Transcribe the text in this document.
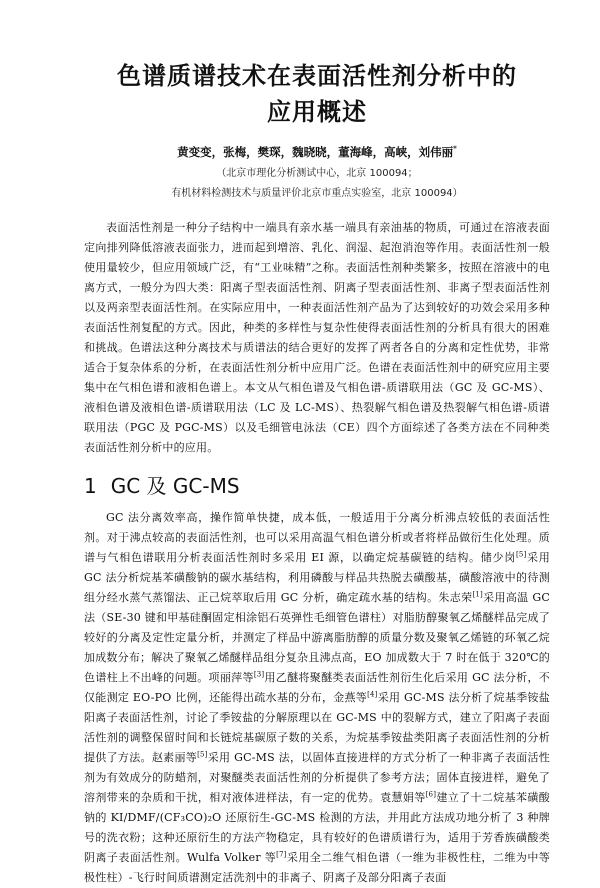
色谱质谱技术在表面活性剂分析中的
应用概述
黄变变，张梅，樊琛，魏晓晓，董海峰，高峡，刘伟丽*
（北京市理化分析测试中心，北京 100094；
有机材料检测技术与质量评价北京市重点实验室，北京 100094）

表面活性剂是一种分子结构中一端具有亲水基一端具有亲油基的物质，可通过在溶液表面定向排列降低溶液表面张力，进而起到增溶、乳化、润湿、起泡消泡等作用。表面活性剂一般使用量较少，但应用领域广泛，有“工业味精”之称。表面活性剂种类繁多，按照在溶液中的电离方式，一般分为四大类：阳离子型表面活性剂、阴离子型表面活性剂、非离子型表面活性剂以及两亲型表面活性剂。在实际应用中，一种表面活性剂产品为了达到较好的功效会采用多种表面活性剂复配的方式。因此，种类的多样性与复杂性使得表面活性剂的分析具有很大的困难和挑战。色谱法这种分离技术与质谱法的结合更好的发挥了两者各自的分离和定性优势，非常适合于复杂体系的分析，在表面活性剂分析中应用广泛。色谱在表面活性剂中的研究应用主要集中在气相色谱和液相色谱上。本文从气相色谱及气相色谱-质谱联用法（GC 及 GC-MS）、液相色谱及液相色谱-质谱联用法（LC 及 LC-MS）、热裂解气相色谱及热裂解气相色谱-质谱联用法（PGC 及 PGC-MS）以及毛细管电泳法（CE）四个方面综述了各类方法在不同种类表面活性剂分析中的应用。

1 GC 及 GC-MS

GC 法分离效率高，操作简单快捷，成本低，一般适用于分离分析沸点较低的表面活性剂。对于沸点较高的表面活性剂，也可以采用高温气相色谱分析或者将样品做衍生化处理。质谱与气相色谱联用分析表面活性剂时多采用 EI 源，以确定烷基碳链的结构。储少岗[5]采用 GC 法分析烷基苯磺酸钠的碳水基结构，利用磷酸与样品共热脱去磺酸基，磺酸溶液中的待测组分经水蒸气蒸馏法、正己烷萃取后用 GC 分析，确定疏水基的结构。朱志荣[1]采用高温 GC 法（SE-30 键和甲基硅酮固定相涂铝石英弹性毛细管色谱柱）对脂肪醇聚氧乙烯醚样品完成了较好的分离及定性定量分析，并测定了样品中游离脂肪醇的质量分数及聚氧乙烯链的环氧乙烷加成数分布；解决了聚氧乙烯醚样品组分复杂且沸点高，EO 加成数大于 7 时在低于 320℃的色谱柱上不出峰的问题。项丽萍等[3]用乙醚将聚醚类表面活性剂衍生化后采用 GC 法分析，不仅能测定 EO-PO 比例，还能得出疏水基的分布，金燕等[4]采用 GC-MS 法分析了烷基季铵盐阳离子表面活性剂，讨论了季铵盐的分解原理以在 GC-MS 中的裂解方式，建立了阳离子表面活性剂的调整保留时间和长链烷基碳原子数的关系，为烷基季铵盐类阳离子表面活性剂的分析提供了方法。赵素丽等[5]采用 GC-MS 法，以固体直接进样的方式分析了一种非离子表面活性剂为有效成分的防蜡剂，对聚醚类表面活性剂的分析提供了参考方法；固体直接进样，避免了溶剂带来的杂质和干扰，相对液体进样法，有一定的优势。袁慧娟等[6]建立了十二烷基苯磺酸钠的 KI/DMF/(CF₃CO)₂O 还原衍生-GC-MS 检测的方法，并用此方法成功地分析了 3 种牌号的洗衣粉；这种还原衍生的方法产物稳定，具有较好的色谱质谱行为，适用于芳香族磺酸类阴离子表面活性剂。Wulfa Volker 等[7]采用全二维气相色谱（一维为非极性柱，二维为中等极性柱）-飞行时间质谱测定活洗剂中的非离子、阴离子及部分阳离子表面
